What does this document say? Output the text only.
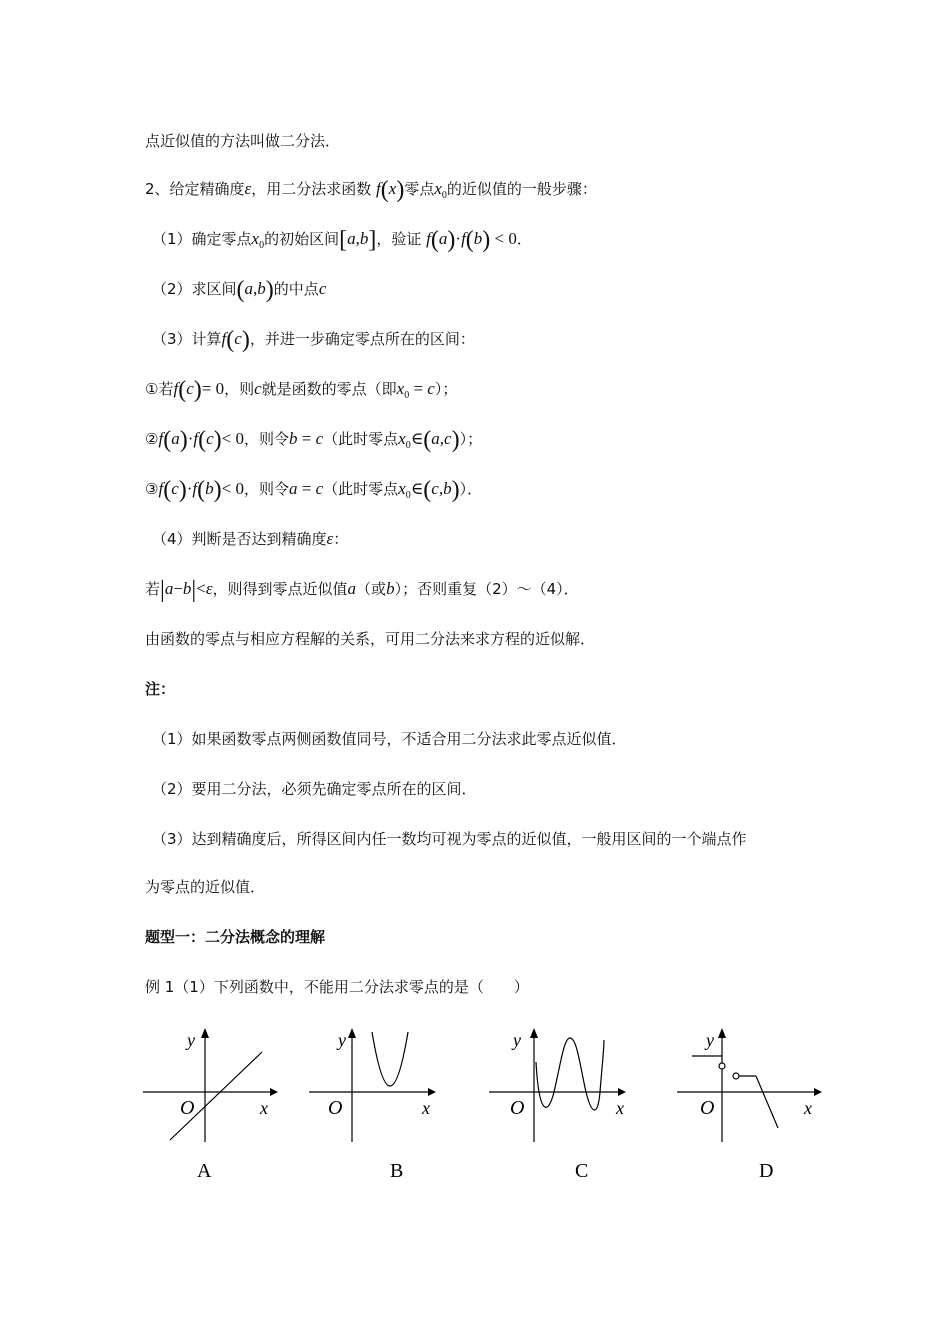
点近似值的方法叫做二分法．
2、给定精确度ε，用二分法求函数 f(x)零点$x_0$的近似值的一般步骤：
（1）确定零点$x_0$的初始区间[a,b]，验证 f(a)·f(b) < 0．
（2）求区间(a,b)的中点c
（3）计算f(c)，并进一步确定零点所在的区间：
①若f(c)= 0，则c就是函数的零点（即$x_0 = c$）；
②f(a)·f(c)< 0，则令b = c（此时零点$x_0\in(a,c)$）；
③f(c)·f(b)< 0，则令a = c（此时零点$x_0\in(c,b)$）．
（4）判断是否达到精确度ε：
若|a−b|<ε，则得到零点近似值a（或b）；否则重复（2）～（4）．
由函数的零点与相应方程解的关系，可用二分法来求方程的近似解．
注：
（1）如果函数零点两侧函数值同号，不适合用二分法求此零点近似值．
（2）要用二分法，必须先确定零点所在的区间．
（3）达到精确度后，所得区间内任一数均可视为零点的近似值，一般用区间的一个端点作
为零点的近似值．
题型一：二分法概念的理解
例 1（1）下列函数中，不能用二分法求零点的是（　　）
y
x
O
A
y
x
O
B
y
x
O
C
y
x
O
D
